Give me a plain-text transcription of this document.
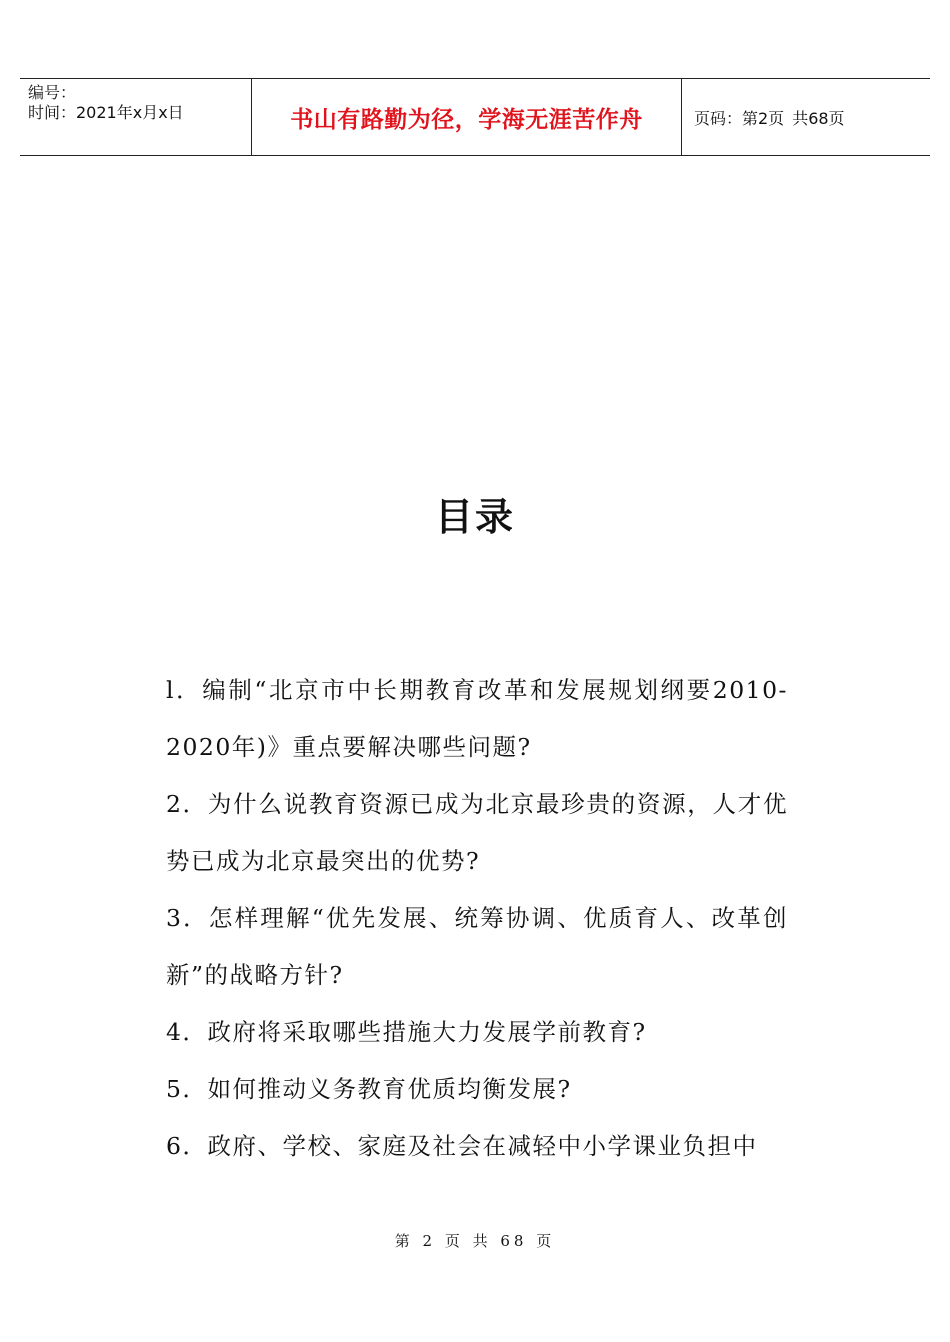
编号：
时间：2021年x月x日	书山有路勤为径，学海无涯苦作舟	页码：第2页 共68页
目录
l．编制“北京市中长期教育改革和发展规划纲要2010-2020年)》重点要解决哪些问题?
2．为什么说教育资源已成为北京最珍贵的资源，人才优势已成为北京最突出的优势?
3．怎样理解“优先发展、统筹协调、优质育人、改革创新”的战略方针?
4．政府将采取哪些措施大力发展学前教育?
5．如何推动义务教育优质均衡发展?
6．政府、学校、家庭及社会在减轻中小学课业负担中
第 2 页 共 68 页
